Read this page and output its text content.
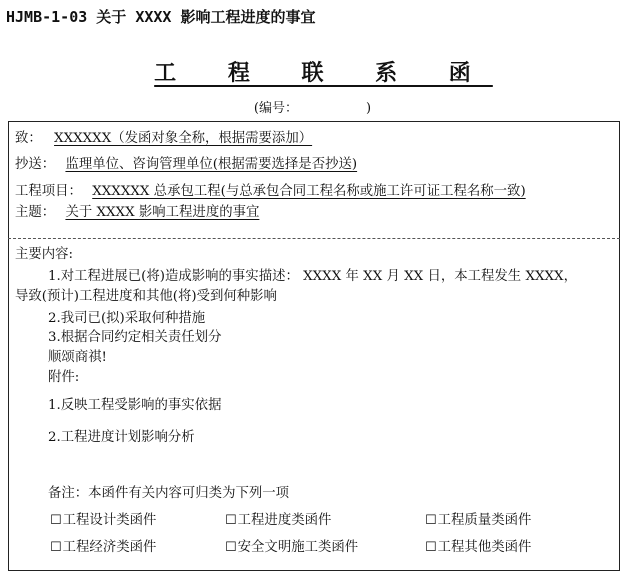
HJMB-1-03 关于 XXXX 影响工程进度的事宜
工 程 联 系 函
(编号：	)
致： XXXXXX（发函对象全称，根据需要添加）
抄送： 监理单位、咨询管理单位(根据需要选择是否抄送)
工程项目： XXXXXX 总承包工程(与总承包合同工程名称或施工许可证工程名称一致)
主题： 关于 XXXX 影响工程进度的事宜
主要内容:
1.对工程进展已(将)造成影响的事实描述： XXXX 年 XX 月 XX 日，本工程发生 XXXX，
导致(预计)工程进度和其他(将)受到何种影响
2.我司已(拟)采取何种措施
3.根据合同约定相关责任划分
顺颂商祺!
附件:
1.反映工程受影响的事实依据
2.工程进度计划影响分析
备注：本函件有关内容可归类为下列一项
☐工程设计类函件	☐工程进度类函件	☐工程质量类函件
☐工程经济类函件	☐安全文明施工类函件	☐工程其他类函件
